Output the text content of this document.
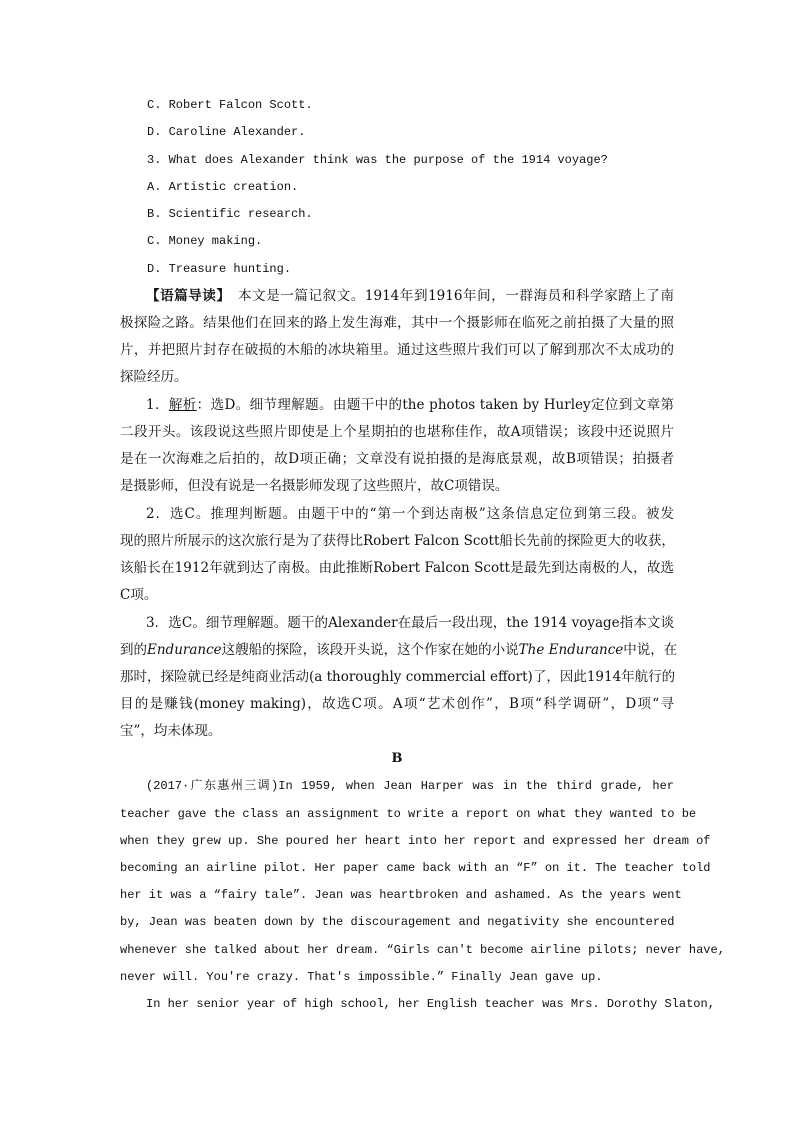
C. Robert Falcon Scott.
D. Caroline Alexander.
3. What does Alexander think was the purpose of the 1914 voyage?
A. Artistic creation.
B. Scientific research.
C. Money making.
D. Treasure hunting.
【语篇导读】　 本文是一篇记叙文。1914年到1916年间，一群海员和科学家踏上了南
极探险之路。结果他们在回来的路上发生海难，其中一个摄影师在临死之前拍摄了大量的照
片，并把照片封存在破损的木船的冰块箱里。通过这些照片我们可以了解到那次不太成功的
探险经历。
1．解析：选D。细节理解题。由题干中的the photos taken by Hurley定位到文章第
二段开头。该段说这些照片即使是上个星期拍的也堪称佳作，故A项错误；该段中还说照片
是在一次海难之后拍的，故D项正确；文章没有说拍摄的是海底景观，故B项错误；拍摄者
是摄影师，但没有说是一名摄影师发现了这些照片，故C项错误。
2．选C。推理判断题。由题干中的“第一个到达南极”这条信息定位到第三段。被发
现的照片所展示的这次旅行是为了获得比Robert Falcon Scott船长先前的探险更大的收获，
该船长在1912年就到达了南极。由此推断Robert Falcon Scott是最先到达南极的人，故选
C项。
3．选C。细节理解题。题干的Alexander在最后一段出现，the 1914 voyage指本文谈
到的Endurance这艘船的探险，该段开头说，这个作家在她的小说The Endurance中说，在
那时，探险就已经是纯商业活动(a thoroughly commercial effort)了，因此1914年航行的
目的是赚钱(money making)，故选C项。A项“艺术创作”，B项“科学调研”，D项“寻
宝”，均未体现。
B
(2017·广东惠州三调)In 1959, when Jean Harper was in the third grade, her
teacher gave the class an assignment to write a report on what they wanted to be
when they grew up. She poured her heart into her report and expressed her dream of
becoming an airline pilot. Her paper came back with an “F” on it. The teacher told
her it was a “fairy tale”. Jean was heartbroken and ashamed. As the years went
by, Jean was beaten down by the discouragement and negativity she encountered
whenever she talked about her dream. “Girls can't become airline pilots; never have,
never will. You're crazy. That's impossible.” Finally Jean gave up.
In her senior year of high school, her English teacher was Mrs. Dorothy Slaton,
